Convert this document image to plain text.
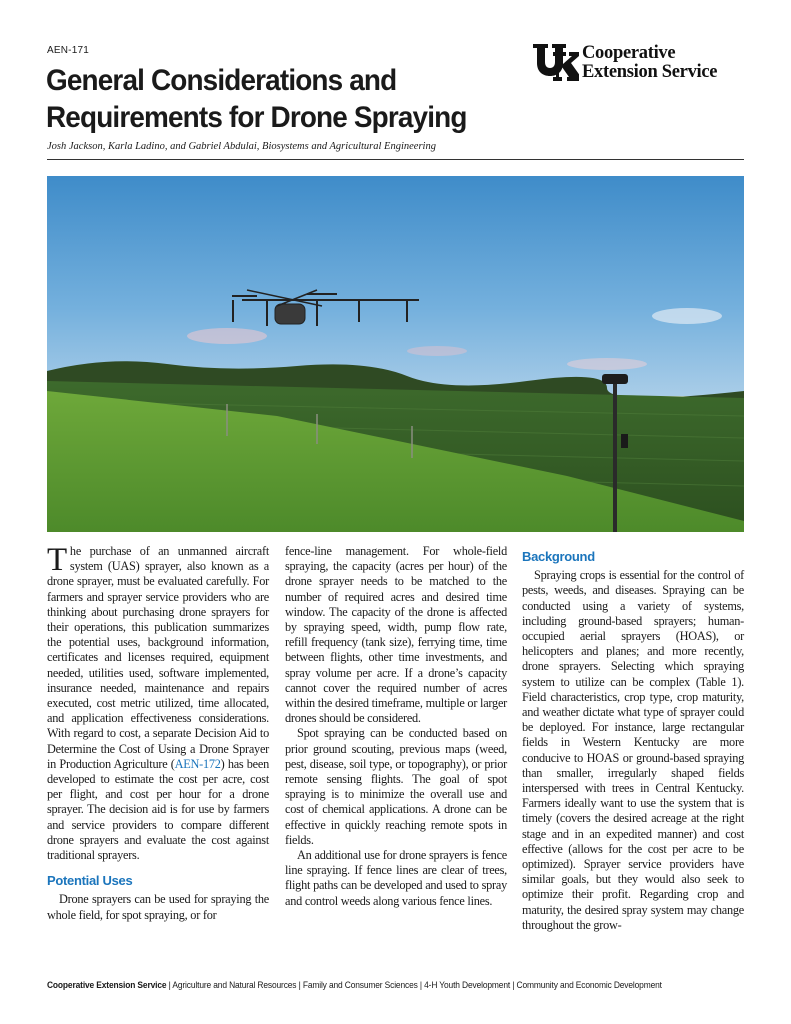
AEN-171
General Considerations and Requirements for Drone Spraying
Josh Jackson, Karla Ladino, and Gabriel Abdulai, Biosystems and Agricultural Engineering
Cooperative
Extension Service

The purchase of an unmanned aircraft system (UAS) sprayer, also known as a drone sprayer, must be evaluated carefully. For farmers and sprayer service providers who are thinking about purchasing drone sprayers for their operations, this publication summarizes the potential uses, background information, certificates and licenses required, equipment needed, utilities used, software implemented, insurance needed, maintenance and repairs executed, cost metric utilized, time allocated, and application effectiveness considerations. With regard to cost, a separate Decision Aid to Determine the Cost of Using a Drone Sprayer in Production Agriculture (AEN-172) has been developed to estimate the cost per acre, cost per flight, and cost per hour for a drone sprayer. The decision aid is for use by farmers and service providers to compare different drone sprayers and evaluate the cost against traditional sprayers.

Potential Uses

Drone sprayers can be used for spraying the whole field, for spot spraying, or for

fence-line management. For whole-field spraying, the capacity (acres per hour) of the drone sprayer needs to be matched to the number of required acres and desired time window. The capacity of the drone is affected by spraying speed, width, pump flow rate, refill frequency (tank size), ferrying time, time between flights, other time investments, and spray volume per acre. If a drone’s capacity cannot cover the required number of acres within the desired timeframe, multiple or larger drones should be considered.

Spot spraying can be conducted based on prior ground scouting, previous maps (weed, pest, disease, soil type, or topography), or prior remote sensing flights. The goal of spot spraying is to minimize the overall use and cost of chemical applications. A drone can be effective in quickly reaching remote spots in fields.

An additional use for drone sprayers is fence line spraying. If fence lines are clear of trees, flight paths can be developed and used to spray and control weeds along various fence lines.

Background

Spraying crops is essential for the control of pests, weeds, and diseases. Spraying can be conducted using a variety of systems, including ground-based sprayers; human-occupied aerial sprayers (HOAS), or helicopters and planes; and more recently, drone sprayers. Selecting which spraying system to utilize can be complex (Table 1). Field characteristics, crop type, crop maturity, and weather dictate what type of sprayer could be deployed. For instance, large rectangular fields in Western Kentucky are more conducive to HOAS or ground-based spraying than smaller, irregularly shaped fields interspersed with trees in Central Kentucky. Farmers ideally want to use the system that is timely (covers the desired acreage at the right stage and in an expedited manner) and cost effective (allows for the cost per acre to be optimized). Sprayer service providers have similar goals, but they would also seek to optimize their profit. Regarding crop and maturity, the desired spray system may change throughout the grow-

Cooperative Extension Service | Agriculture and Natural Resources | Family and Consumer Sciences | 4-H Youth Development | Community and Economic Development
